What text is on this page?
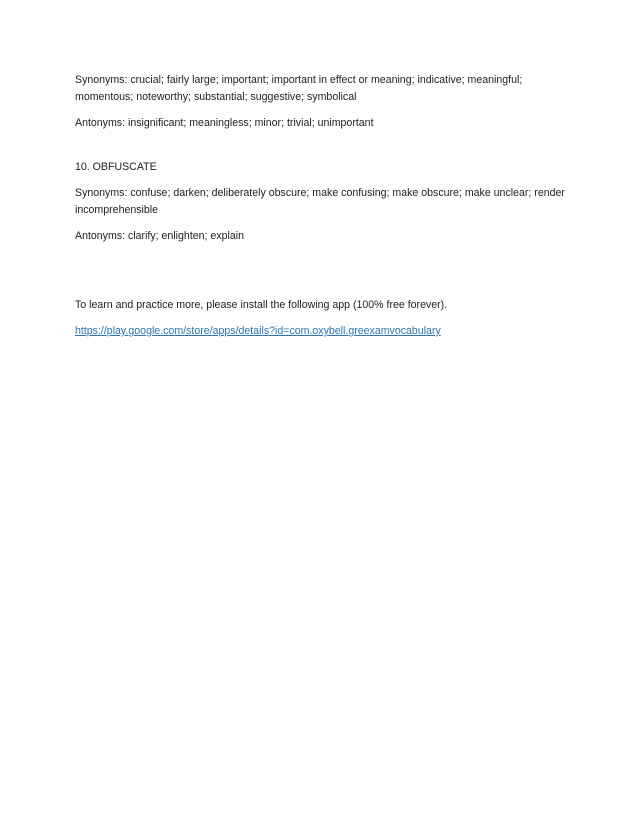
Synonyms: crucial; fairly large; important; important in effect or meaning; indicative; meaningful; momentous; noteworthy; substantial; suggestive; symbolical

Antonyms: insignificant; meaningless; minor; trivial; unimportant

10. OBFUSCATE

Synonyms: confuse; darken; deliberately obscure; make confusing; make obscure; make unclear; render incomprehensible

Antonyms: clarify; enlighten; explain

To learn and practice more, please install the following app (100% free forever).

https://play.google.com/store/apps/details?id=com.oxybell.greexamvocabulary
